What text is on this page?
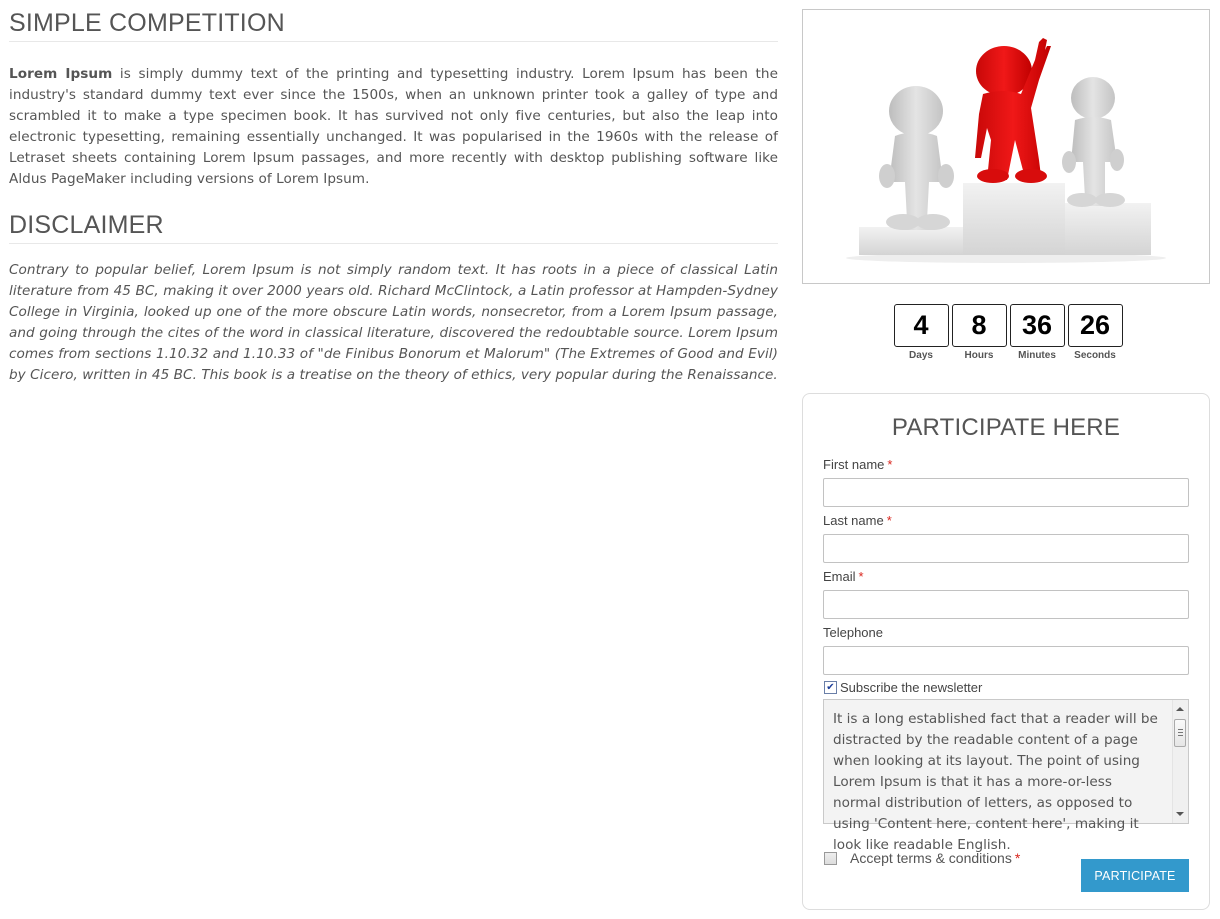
SIMPLE COMPETITION

Lorem Ipsum is simply dummy text of the printing and typesetting industry. Lorem Ipsum has been the industry's standard dummy text ever since the 1500s, when an unknown printer took a galley of type and scrambled it to make a type specimen book. It has survived not only five centuries, but also the leap into electronic typesetting, remaining essentially unchanged. It was popularised in the 1960s with the release of Letraset sheets containing Lorem Ipsum passages, and more recently with desktop publishing software like Aldus PageMaker including versions of Lorem Ipsum.

DISCLAIMER

Contrary to popular belief, Lorem Ipsum is not simply random text. It has roots in a piece of classical Latin literature from 45 BC, making it over 2000 years old. Richard McClintock, a Latin professor at Hampden-Sydney College in Virginia, looked up one of the more obscure Latin words, nonsecretor, from a Lorem Ipsum passage, and going through the cites of the word in classical literature, discovered the redoubtable source. Lorem Ipsum comes from sections 1.10.32 and 1.10.33 of "de Finibus Bonorum et Malorum" (The Extremes of Good and Evil) by Cicero, written in 45 BC. This book is a treatise on the theory of ethics, very popular during the Renaissance.

4
Days
8
Hours
36
Minutes
26
Seconds
PARTICIPATE HERE
First name *
Last name *
Email *
Telephone
✔ Subscribe the newsletter
It is a long established fact that a reader will be distracted by the readable content of a page when looking at its layout. The point of using Lorem Ipsum is that it has a more-or-less normal distribution of letters, as opposed to using 'Content here, content here', making it look like readable English.
Accept terms & conditions *
PARTICIPATE
